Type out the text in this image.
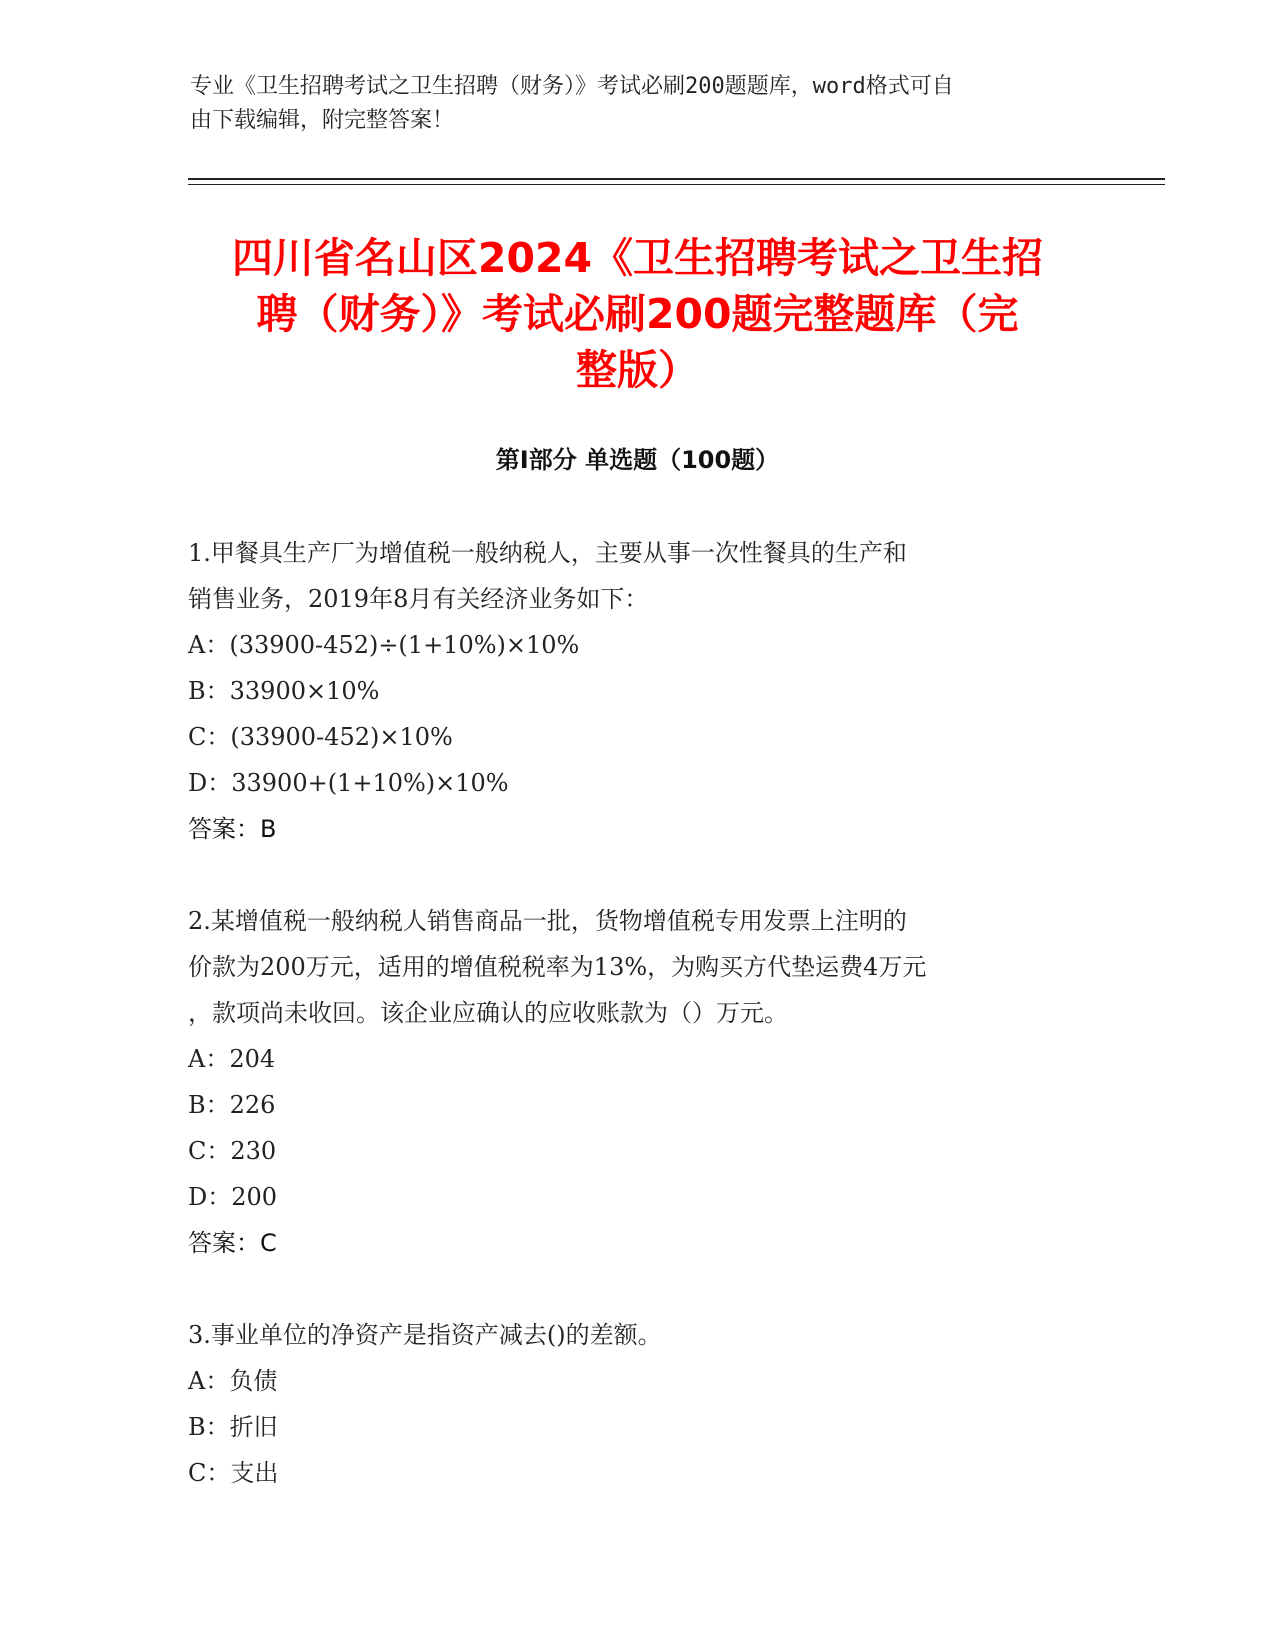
专业《卫生招聘考试之卫生招聘（财务）》考试必刷200题题库，word格式可自
由下载编辑，附完整答案！
四川省名山区2024《卫生招聘考试之卫生招
聘（财务）》考试必刷200题完整题库（完
整版）
第Ⅰ部分 单选题（100题）
1.甲餐具生产厂为增值税一般纳税人，主要从事一次性餐具的生产和
销售业务，2019年8月有关经济业务如下：
A：(33900-452)÷(1+10%)×10%
B：33900×10%
C：(33900-452)×10%
D：33900+(1+10%)×10%
答案：B
2.某增值税一般纳税人销售商品一批，货物增值税专用发票上注明的
价款为200万元，适用的增值税税率为13%，为购买方代垫运费4万元
，款项尚未收回。该企业应确认的应收账款为（）万元。
A：204
B：226
C：230
D：200
答案：C
3.事业单位的净资产是指资产减去()的差额。
A：负债
B：折旧
C：支出
